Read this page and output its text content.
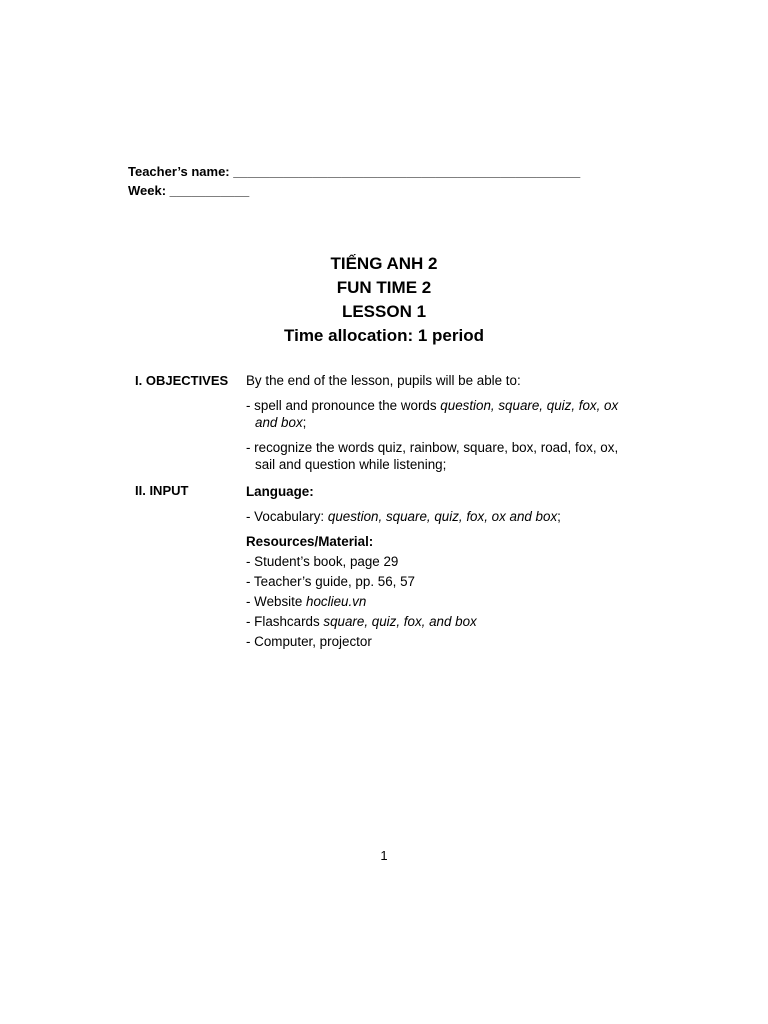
Teacher’s name: ________________________________________________
Week: ___________
TIẾNG ANH 2
FUN TIME 2
LESSON 1
Time allocation: 1 period
I. OBJECTIVES By the end of the lesson, pupils will be able to:

- spell and pronounce the words question, square, quiz, fox, ox and box;

- recognize the words quiz, rainbow, square, box, road, fox, ox, sail and question while listening;

II. INPUT	Language:

- Vocabulary: question, square, quiz, fox, ox and box;

Resources/Material:

- Student’s book, page 29

- Teacher’s guide, pp. 56, 57

- Website hoclieu.vn

- Flashcards square, quiz, fox, and box

- Computer, projector

1
